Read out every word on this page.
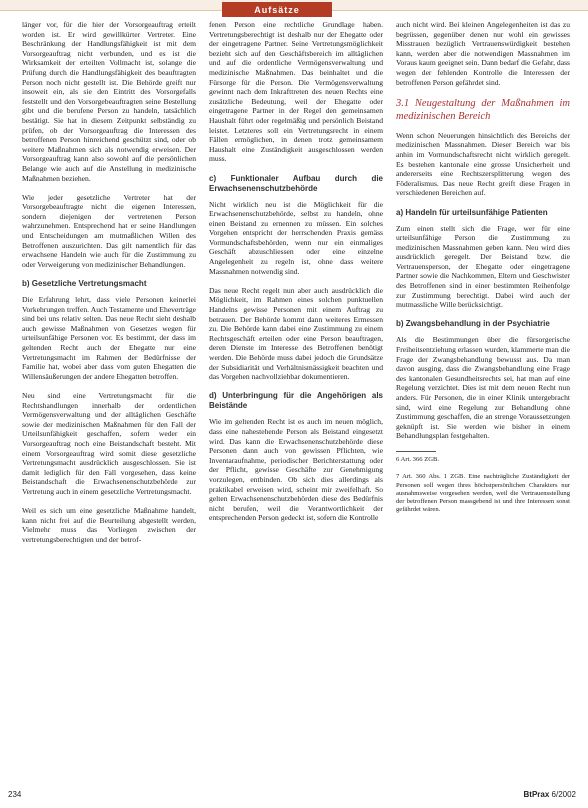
Aufsätze

länger vor, für die hier der Vorsorgeauftrag erteilt worden ist. Er wird gewillkürter Vertreter. Eine Beschränkung der Handlungsfähigkeit ist mit dem Vorsorgeauftrag nicht verbunden, und es ist die Wirksamkeit der erteilten Vollmacht ist, solange die Prüfung durch die Handlungsfähigkeit des beauftragten Person noch nicht gestellt ist. Die Behörde greift nur insoweit ein, als sie den Eintritt des Vorsorgefalls feststellt und den Vorsorgebeauftragten seine Bestellung gibt und die berufene Person zu handeln, tatsächlich bestätigt. Sie hat in diesem Zeitpunkt selbständig zu prüfen, ob der Vorsorgeauftrag die Interessen des betroffenen Person hinreichend geschützt sind, oder ob weitere Maßnahmen sich als notwendig erweisen. Der Vorsorgeauftrag kann also sowohl auf die persönlichen Belange wie auch auf die Anstellung in medizinische Maßnahmen beziehen.

Wie jeder gesetzliche Vertreter hat der Vorsorgebeauftragte nicht die eigenen Interessen, sondern diejenigen der vertretenen Person wahrzunehmen. Entsprechend hat er seine Handlungen und Entscheidungen am mutmaßlichen Willen des Betroffenen auszurichten. Das gilt namentlich für das erwachsene Handeln wie auch für die Zustimmung zu oder Verweigerung von medizinischer Behandlungen.

b) Gesetzliche Vertretungsmacht

Die Erfahrung lehrt, dass viele Personen keinerlei Vorkehrungen treffen. Auch Testamente und Eheverträge sind bei uns relativ selten. Das neue Recht sieht deshalb auch gewisse Maßnahmen von Gesetzes wegen für urteilsunfähige Personen vor. Es bestimmt, der dass im geltenden Recht auch der Ehegatte nur eine Vertretungsmacht im Rahmen der Bedürfnisse der Familie hat, wobei aber dass vom guten Ehegatten die Willensäußerungen der andere Ehegatten betroffen.

Neu sind eine Vertretungsmacht für die Rechtshandlungen innerhalb der ordentlichen Vermögensverwaltung und der alltäglichen Geschäfte sowie der medizinischen Maßnahmen für den Fall der Urteilsunfähigkeit geschaffen, sofern weder ein Vorsorgeauftrag noch eine Beistandschaft besteht. Mit einem Vorsorgeauftrag wird somit diese gesetzliche Vertretungsmacht ausdrücklich ausgeschlossen. Sie ist damit lediglich für den Fall vorgesehen, dass keine Beistandschaft die Erwachsenenschutzbehörde zur Vertretung auch in einem gesetzliche Vertretungsmacht.

Weil es sich um eine gesetzliche Maßnahme handelt, kann nicht frei auf die Beurteilung abgestellt werden, Vielmehr muss das Vorliegen zwischen der vertretungsberechtigten und der betrof-

fenen Person eine rechtliche Grundlage haben. Vertretungsberechtigt ist deshalb nur der Ehegatte oder der eingetragene Partner. Seine Vertretungsmöglichkeit bezieht sich auf den Geschäftsbereich im alltäglichen und auf die ordentliche Vermögensverwaltung und medizinische Maßnahmen. Das beinhaltet und die Fürsorge für die Person. Die Vermögensverwaltung gewinnt nach dem Inkrafttreten des neuen Rechts eine zusätzliche Bedeutung, weil der Ehegatte oder eingetragene Partner in der Regel den gemeinsamen Haushalt führt oder regelmäßig und persönlich Beistand leistet. Letzteres soll ein Vertretungsrecht in einem Fällen ermöglichen, in denen trotz gemeinsamem Haushalt eine Zuständigkeit ausgeschlossen werden muss.

c) Funktionaler Aufbau durch die Erwachsenenschutzbehörde

Nicht wirklich neu ist die Möglichkeit für die Erwachsenenschutzbehörde, selbst zu handeln, ohne einen Beistand zu ernennen zu müssen. Ein solches Vorgehen entspricht der herrschenden Praxis gemäss Vormundschaftsbehörden, wenn nur ein einmaliges Geschäft abzuschliessen oder eine einzelne Angelegenheit zu regeln ist, ohne dass weitere Massnahmen notwendig sind.

Das neue Recht regelt nun aber auch ausdrücklich die Möglichkeit, im Rahmen eines solchen punktuellen Handelns gewisse Personen mit einem Auftrag zu betrauen. Der Behörde kommt dann weiteres Ermessen zu. Die Behörde kann dabei eine Zustimmung zu einem Rechtsgeschäft erteilen oder eine Person beauftragen, deren Dienste im Interesse des Betroffenen benötigt werden. Die Behörde muss dabei jedoch die Grundsätze der Subsidiarität und Verhältnismässigkeit beachten und das Vorgehen nachvollziehbar dokumentieren.

d) Unterbringung für die Angehörigen als Beistände

Wie im geltenden Recht ist es auch im neuen möglich, dass eine nahestehende Person als Beistand eingesetzt wird. Das kann die Erwachsenenschutzbehörde diese Personen dann auch von gewissen Pflichten, wie Inventaraufnahme, periodischer Berichterstattung oder der Pflicht, gewisse Geschäfte zur Genehmigung vorzulegen, entbinden. Ob sich dies allerdings als praktikabel erweisen wird, scheint mir zweifelhaft. So gelten Erwachsenenschutzbehörden diese des Bedürfnis nicht berufen, weil die Verantwortlichkeit der entsprechenden Person gedeckt ist, sofern die Kontrolle

auch nicht wird. Bei kleinen Angelegenheiten ist das zu begrüssen, gegenüber denen nur wohl ein gewisses Misstrauen bezüglich Vertrauenswürdigkeit bestehen kann, werden aber die notwendigen Massnahmen im Voraus kaum geeignet sein. Dann bedarf die Gefahr, dass wegen der fehlenden Kontrolle die Interessen der betroffenen Person gefährdet sind.

3.1 Neugestaltung der Maßnahmen im medizinischen Bereich

Wenn schon Neuerungen hinsichtlich des Bereichs der medizinischen Massnahmen. Dieser Bereich war bis anhin im Vormundschaftsrecht nicht wirklich geregelt. Es bestehen kantonale eine grosse Unsicherheit und andererseits eine Rechtszersplitterung wegen des Föderalismus. Das neue Recht greift diese Fragen in verschiedenen Bereichen auf.

a) Handeln für urteilsunfähige Patienten

Zum einen stellt sich die Frage, wer für eine urteilsunfähige Person die Zustimmung zu medizinischen Massnahmen geben kann. Neu wird dies ausdrücklich geregelt. Der Beistand bzw. die Vertrauensperson, der Ehegatte oder eingetragene Partner sowie die Nachkommen, Eltern und Geschwister des Betroffenen sind in einer bestimmten Reihenfolge zur Zustimmung berechtigt. Dabei wird auch der mutmassliche Wille berücksichtigt.

b) Zwangsbehandlung in der Psychiatrie

Als die Bestimmungen über die fürsorgerische Freiheitsentziehung erlassen wurden, klammerte man die Frage der Zwangsbehandlung bewusst aus. Da man davon ausging, dass die Zwangsbehandlung eine Frage des kantonalen Gesundheitsrechts sei, hat man auf eine Regelung verzichtet. Dies ist mit dem neuen Recht nun anders. Für Personen, die in einer Klinik untergebracht sind, wird eine Regelung zur Behandlung ohne Zustimmung geschaffen, die an strenge Voraussetzungen geknüpft ist. Sie werden wie bisher in einem Behandlungsplan festgehalten.

6 Art. 366 ZGB.

7 Art. 360 Abs. 1 ZGB. Eine nachträgliche Zuständigkeit der Personen soll wegen ihres höchstpersönlichen Charakters nur ausnahmsweise vorgesehen werden, weil die Vertrauensstellung der betroffenen Person massgebend ist und ihre Interessen sonst gefährdet wären.

234	BtPrax 6/2002
